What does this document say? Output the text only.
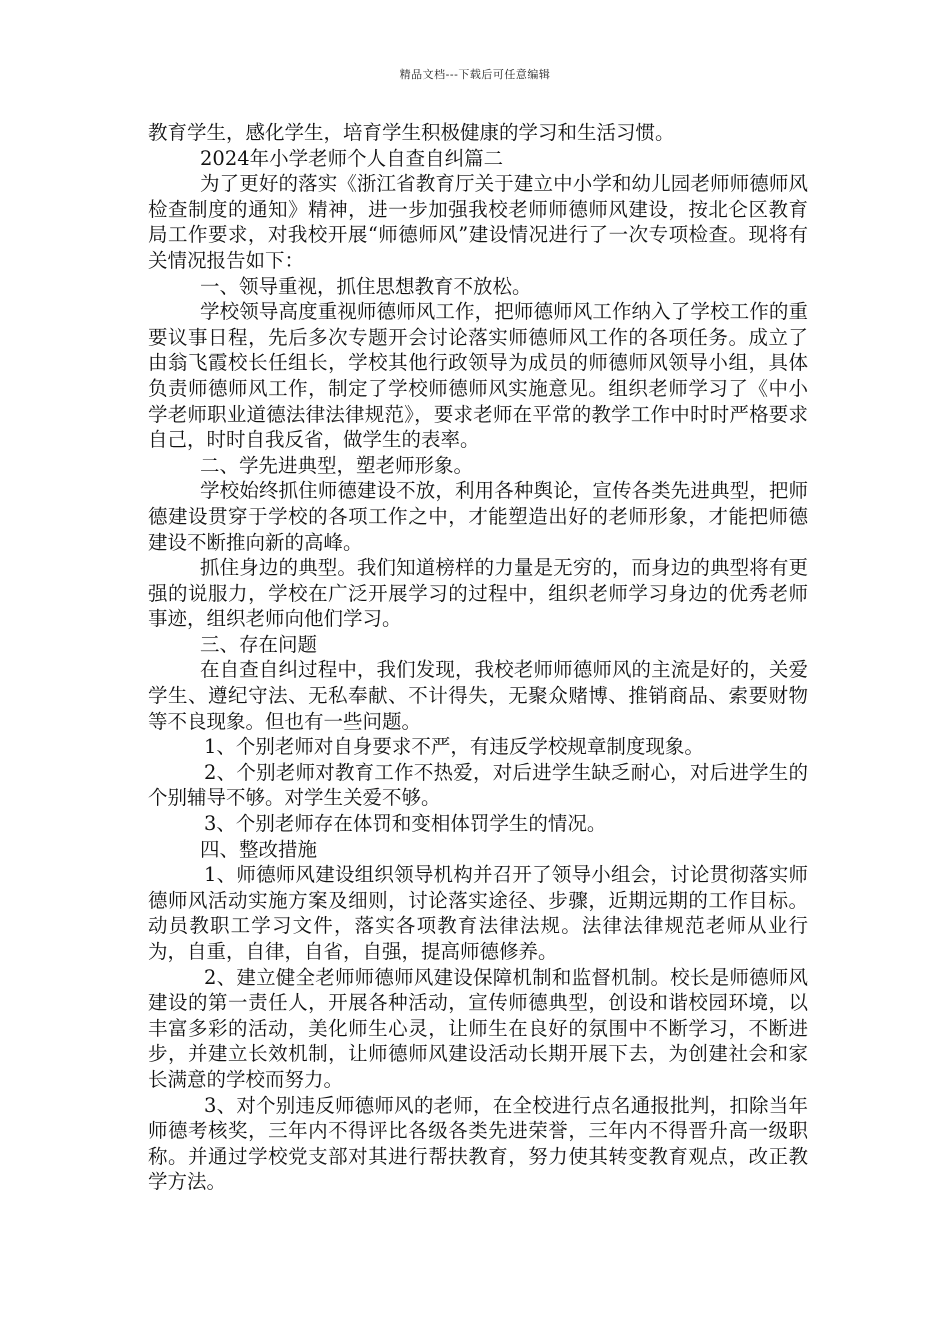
精品文档---下载后可任意编辑

教育学生，感化学生，培育学生积极健康的学习和生活习惯。

2024年小学老师个人自查自纠篇二

为了更好的落实《浙江省教育厅关于建立中小学和幼儿园老师师德师风检查制度的通知》精神，进一步加强我校老师师德师风建设，按北仑区教育局工作要求，对我校开展“师德师风”建设情况进行了一次专项检查。现将有关情况报告如下：

一、领导重视，抓住思想教育不放松。

学校领导高度重视师德师风工作，把师德师风工作纳入了学校工作的重要议事日程，先后多次专题开会讨论落实师德师风工作的各项任务。成立了由翁飞霞校长任组长，学校其他行政领导为成员的师德师风领导小组，具体负责师德师风工作，制定了学校师德师风实施意见。组织老师学习了《中小学老师职业道德法律法律规范》，要求老师在平常的教学工作中时时严格要求自己，时时自我反省，做学生的表率。

二、学先进典型，塑老师形象。

学校始终抓住师德建设不放，利用各种舆论，宣传各类先进典型，把师德建设贯穿于学校的各项工作之中，才能塑造出好的老师形象，才能把师德建设不断推向新的高峰。

抓住身边的典型。我们知道榜样的力量是无穷的，而身边的典型将有更强的说服力，学校在广泛开展学习的过程中，组织老师学习身边的优秀老师事迹，组织老师向他们学习。

三、存在问题

在自查自纠过程中，我们发现，我校老师师德师风的主流是好的，关爱学生、遵纪守法、无私奉献、不计得失，无聚众赌博、推销商品、索要财物等不良现象。但也有一些问题。

1、个别老师对自身要求不严，有违反学校规章制度现象。

2、个别老师对教育工作不热爱，对后进学生缺乏耐心，对后进学生的个别辅导不够。对学生关爱不够。

3、个别老师存在体罚和变相体罚学生的情况。

四、整改措施

1、师德师风建设组织领导机构并召开了领导小组会，讨论贯彻落实师德师风活动实施方案及细则，讨论落实途径、步骤，近期远期的工作目标。动员教职工学习文件，落实各项教育法律法规。法律法律规范老师从业行为，自重，自律，自省，自强，提高师德修养。

2、建立健全老师师德师风建设保障机制和监督机制。校长是师德师风建设的第一责任人，开展各种活动，宣传师德典型，创设和谐校园环境，以丰富多彩的活动，美化师生心灵，让师生在良好的氛围中不断学习，不断进步，并建立长效机制，让师德师风建设活动长期开展下去，为创建社会和家长满意的学校而努力。

3、对个别违反师德师风的老师，在全校进行点名通报批判，扣除当年师德考核奖，三年内不得评比各级各类先进荣誉，三年内不得晋升高一级职称。并通过学校党支部对其进行帮扶教育，努力使其转变教育观点，改正教学方法。
